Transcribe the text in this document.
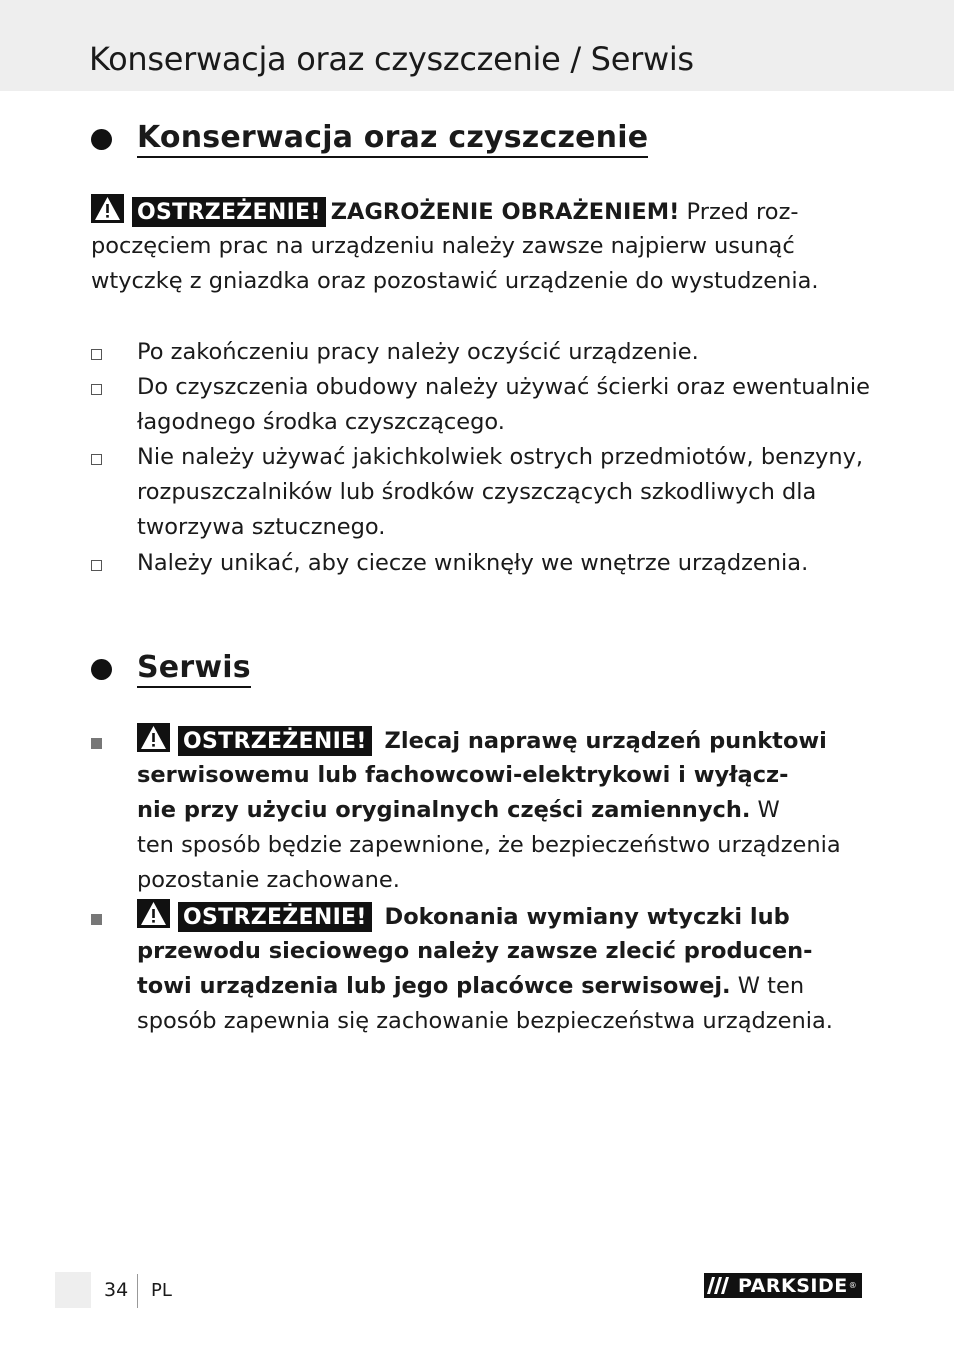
Konserwacja oraz czyszczenie / Serwis
Konserwacja oraz czyszczenie
OSTRZEŻENIE! ZAGROŻENIE OBRAŻENIEM! Przed roz-
poczęciem prac na urządzeniu należy zawsze najpierw usunąć
wtyczkę z gniazdka oraz pozostawić urządzenie do wystudzenia.
Po zakończeniu pracy należy oczyścić urządzenie.
Do czyszczenia obudowy należy używać ścierki oraz ewentualnie
łagodnego środka czyszczącego.
Nie należy używać jakichkolwiek ostrych przedmiotów, benzyny,
rozpuszczalników lub środków czyszczących szkodliwych dla
tworzywa sztucznego.
Należy unikać, aby ciecze wniknęły we wnętrze urządzenia.
Serwis
OSTRZEŻENIE! Zlecaj naprawę urządzeń punktowi
serwisowemu lub fachowcowi-elektrykowi i wyłącz-
nie przy użyciu oryginalnych części zamiennych. W
ten sposób będzie zapewnione, że bezpieczeństwo urządzenia
pozostanie zachowane.
OSTRZEŻENIE! Dokonania wymiany wtyczki lub
przewodu sieciowego należy zawsze zlecić producen-
towi urządzenia lub jego placówce serwisowej. W ten
sposób zapewnia się zachowanie bezpieczeństwa urządzenia.
34 PL	PARKSIDE ®
